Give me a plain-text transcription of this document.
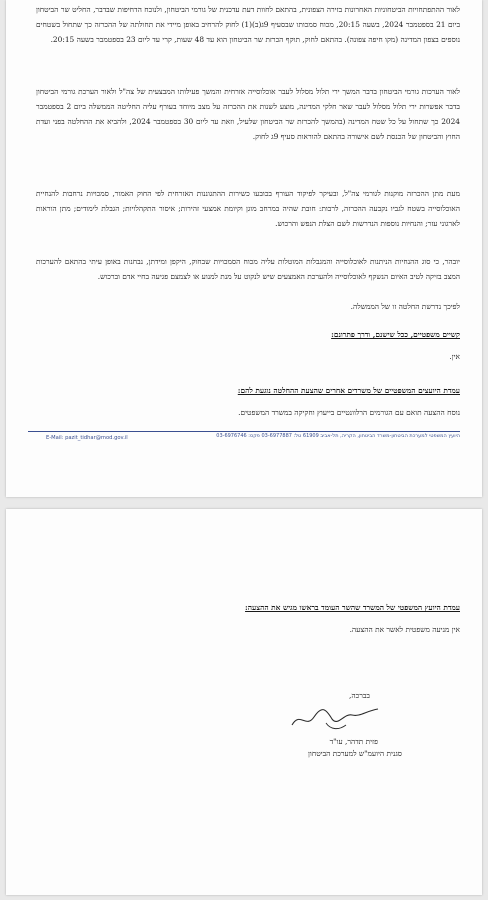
לאור ההתפתחויות הביטחוניות האחרונות בזירה הצפונית, בהתאם לחוות דעת עדכנית של גורמי הביטחון, ולנוכח הדחיפות שבדבר, החליט שר הביטחון ביום 21 בספטמבר 2024, בשעה 20:15, מכוח סמכותו שבסעיף 9ג(ב)(1) לחוק להרחיב באופן מיידי את תחולתה של ההכרזה כך שתחול בשטחים נוספים בצפון המדינה (מקו חיפה צפונה). בהתאם לחוק, תוקף הכרזת שר הביטחון הוא עד 48 שעות, קרי עד ליום 23 בספטמבר בשעה 20:15.
לאור הערכות גורמי הביטחון בדבר המשך ירי תלול מסלול לעבר אוכלוסייה אזרחית והמשך פעילותו המבצעית של צה"ל ולאור הערכת גורמי הביטחון בדבר אפשרות ירי תלול מסלול לעבר שאר חלקי המדינה, מוצע לשנות את ההכרזה על מצב מיוחד בעורף עליה החליטה הממשלה ביום 2 בספטמבר 2024 כך שתחול על כל שטח המדינה (בהמשך להכרזת שר הביטחון שלעיל, וזאת עד ליום 30 בספטמבר 2024, ולהביא את ההחלטה בפני ועדת החוץ והביטחון של הכנסת לשם אישורה בהתאם להוראות סעיף 9ג לחוק.
מעת מתן ההכרזה מוקנות לגורמי צה"ל, ובעיקר לפיקוד העורף בכובעו כשירות ההתגוננות האזרחית לפי החוק האמור, סמכויות נרחבות להנחיית האוכלוסייה בשטח לגביו נקבעה ההכרזה, לרבות: חובת שהיה במרחב מוגן וקיומת אמצעי זהירות; איסור התקהלויות; הגבלת לימודים; מתן הוראות לארגוני עזר; והנחיות נוספות הנדרשות לשם הצלת הנפש והרכוש.
יובהר, כי סוג ההנחיות הניתנות לאוכלוסייה והמגבלות המוטלות עליה מכוח הסמכויות שבחוק, היקפן ומידתן, נבחנות באופן עיתי בהתאם להערכות המצב בזיקה לטיב האיום הנשקף לאוכלוסייה ולהערכת האמצעים שיש לנקוט על מנת למנוע או לצמצם פגיעה בחיי אדם וברכוש.
לפיכך נדרשת החלטה זו של הממשלה.
קשיים משפטיים, ככל שישנם, ודרך פתרונם:
אין.
עמדת היועצים המשפטיים של משרדים אחרים שהצעת ההחלטה נוגעת להם:
נוסח ההצעה תואם עם הגורמים הרלוונטיים בייעוץ וחקיקה במשרד המשפטים.
היועץ המשפטי למערכת הביטחון-משרד הביטחון, הקריה, תל-אביב 61909 טל: 03-6977887 פקס: 03-6976746
E-Mail: pazit_tidhar@mod.gov.il
עמדת היועץ המשפטי של המשרד שהשר העומד בראשו מגיש את ההצעה:
אין מניעה משפטית לאשר את ההצעה.
בברכה,
פזית תדהר, עו"ד
סגנית היועמ"ש למערכת הביטחון
